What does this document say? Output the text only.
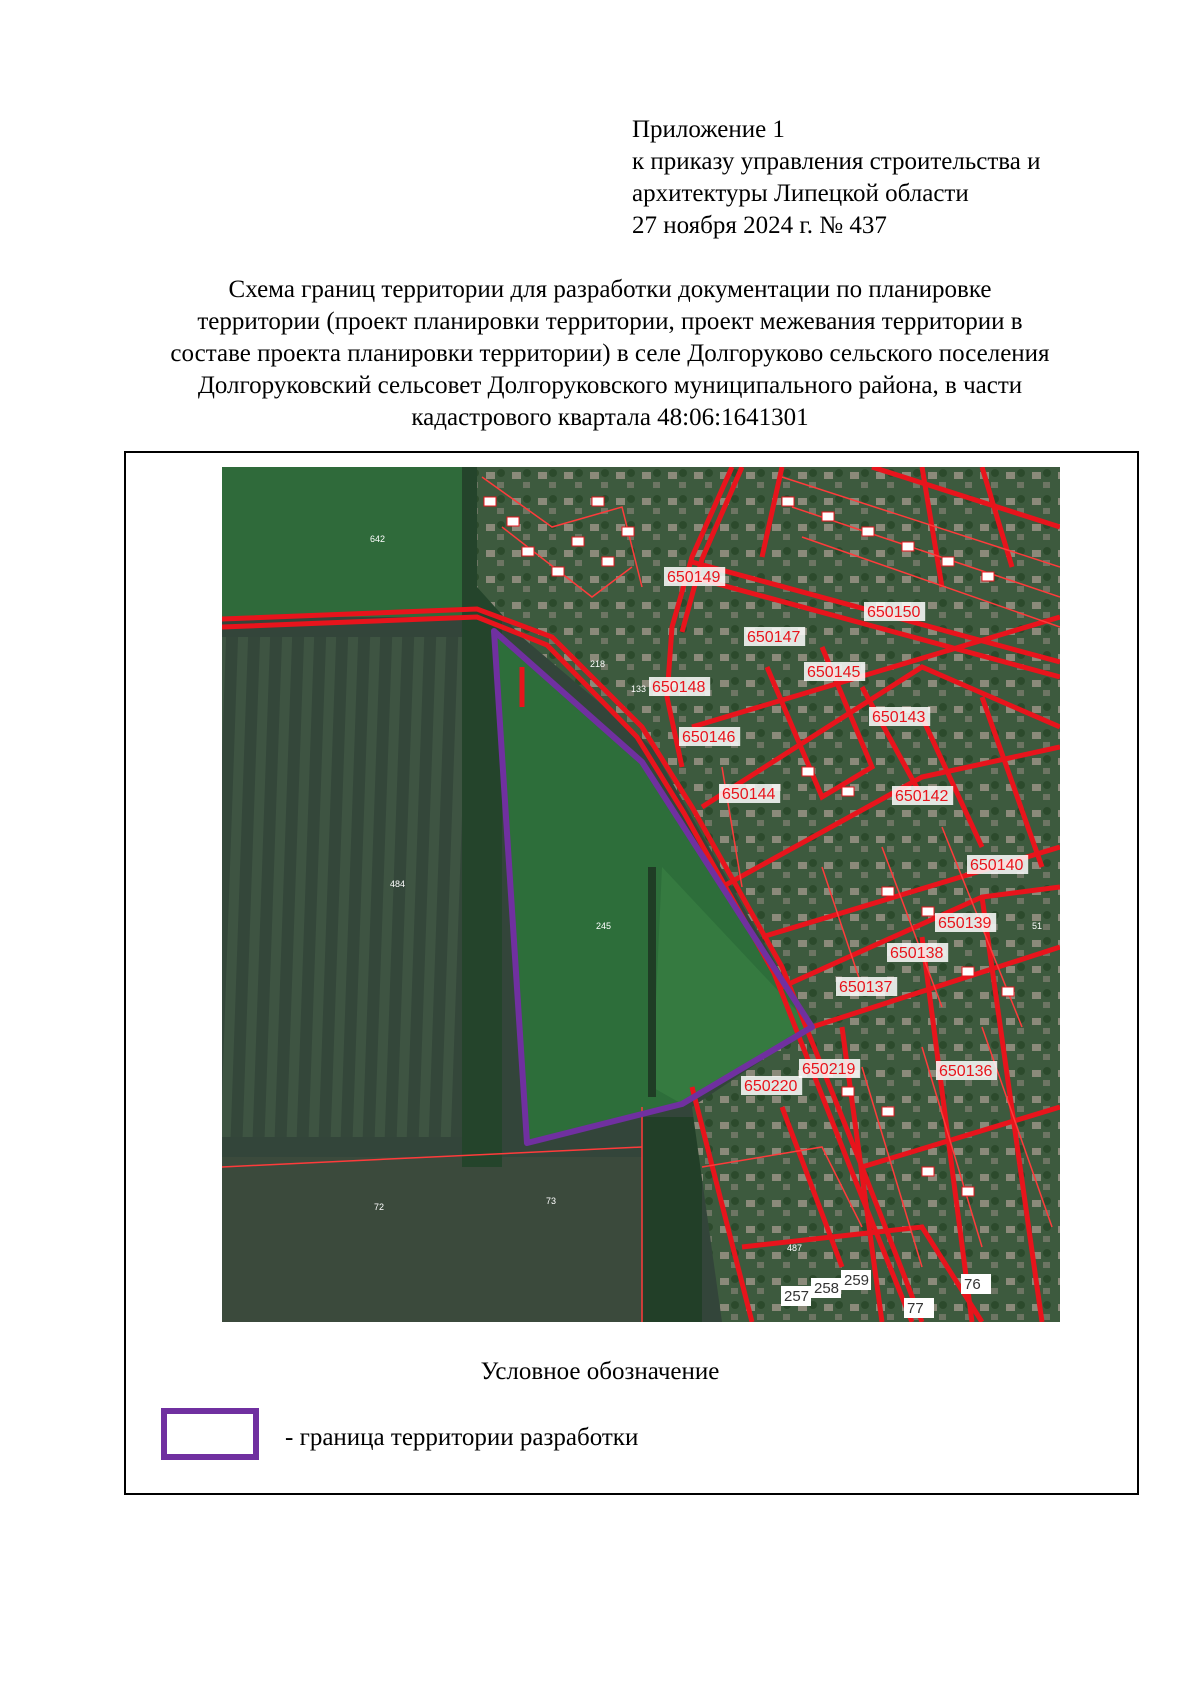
Приложение 1
к приказу управления строительства и
архитектуры Липецкой области
27 ноября 2024 г. № 437
Схема границ территории для разработки документации по планировке
территории (проект планировки территории, проект межевания территории в
составе проекта планировки территории) в селе Долгоруково сельского поселения
Долгоруковский сельсовет Долгоруковского муниципального района, в части
кадастрового квартала 48:06:1641301
650149
650150
650147
650148
650145
650146
650143
650144	650142
650140
650139
650138
650137
650219
650220
650136
642
484
245
72
73
257 258 259	76
77
218
133
51
487
Условное обозначение
- граница территории разработки
